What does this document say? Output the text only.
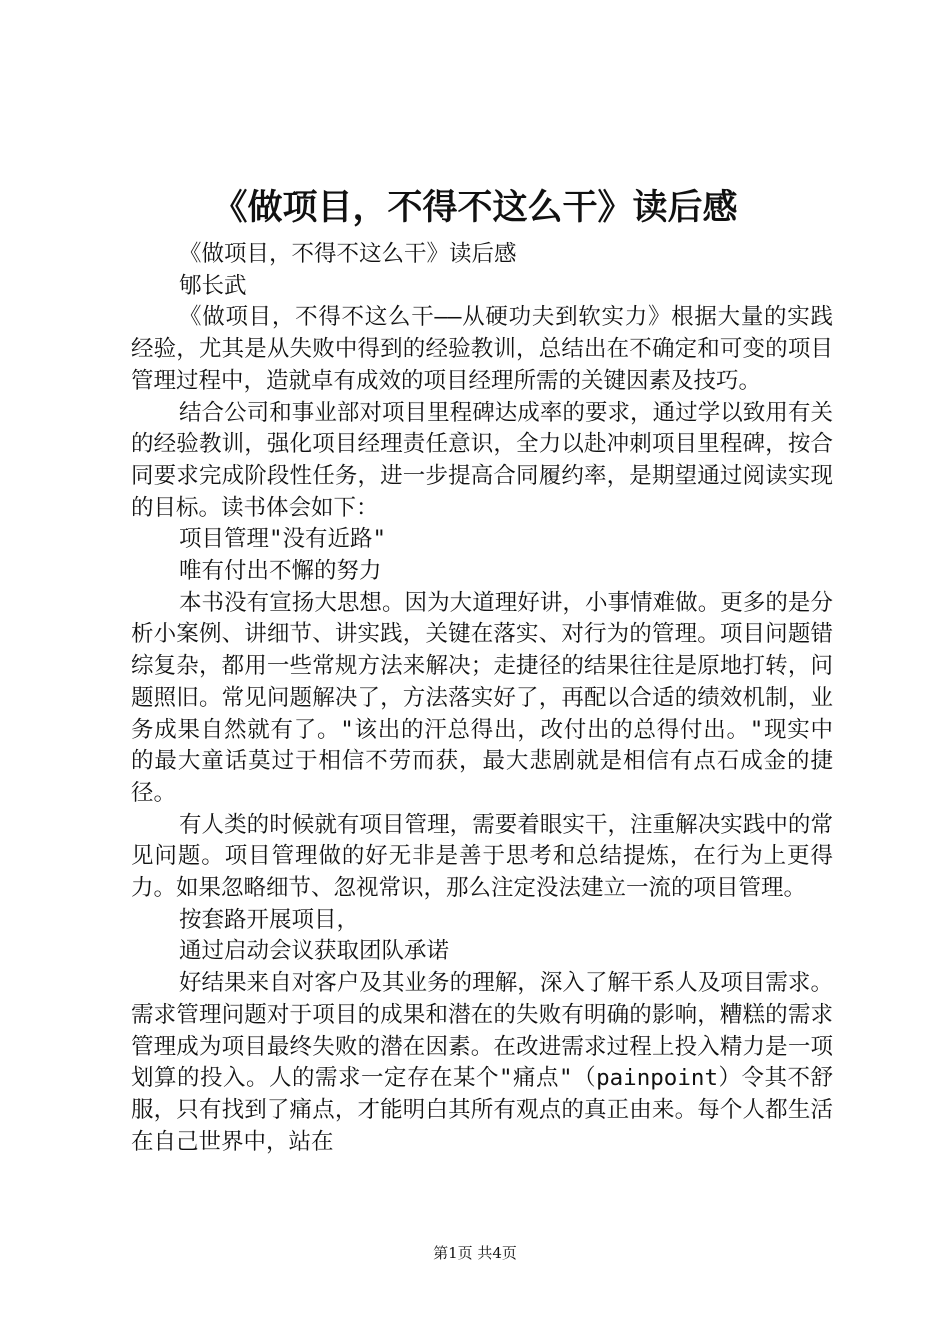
《做项目，不得不这么干》读后感

《做项目，不得不这么干》读后感

郇长武

《做项目，不得不这么干——从硬功夫到软实力》根据大量的实践经验，尤其是从失败中得到的经验教训，总结出在不确定和可变的项目管理过程中，造就卓有成效的项目经理所需的关键因素及技巧。

结合公司和事业部对项目里程碑达成率的要求，通过学以致用有关的经验教训，强化项目经理责任意识，全力以赴冲刺项目里程碑，按合同要求完成阶段性任务，进一步提高合同履约率，是期望通过阅读实现的目标。读书体会如下：

项目管理"没有近路"

唯有付出不懈的努力

本书没有宣扬大思想。因为大道理好讲，小事情难做。更多的是分析小案例、讲细节、讲实践，关键在落实、对行为的管理。项目问题错综复杂，都用一些常规方法来解决；走捷径的结果往往是原地打转，问题照旧。常见问题解决了，方法落实好了，再配以合适的绩效机制，业务成果自然就有了。"该出的汗总得出，改付出的总得付出。"现实中的最大童话莫过于相信不劳而获，最大悲剧就是相信有点石成金的捷径。

有人类的时候就有项目管理，需要着眼实干，注重解决实践中的常见问题。项目管理做的好无非是善于思考和总结提炼，在行为上更得力。如果忽略细节、忽视常识，那么注定没法建立一流的项目管理。

按套路开展项目，

通过启动会议获取团队承诺

好结果来自对客户及其业务的理解，深入了解干系人及项目需求。需求管理问题对于项目的成果和潜在的失败有明确的影响，糟糕的需求管理成为项目最终失败的潜在因素。在改进需求过程上投入精力是一项划算的投入。人的需求一定存在某个"痛点"（painpoint）令其不舒服，只有找到了痛点，才能明白其所有观点的真正由来。每个人都生活在自己世界中，站在

第1页 共4页
